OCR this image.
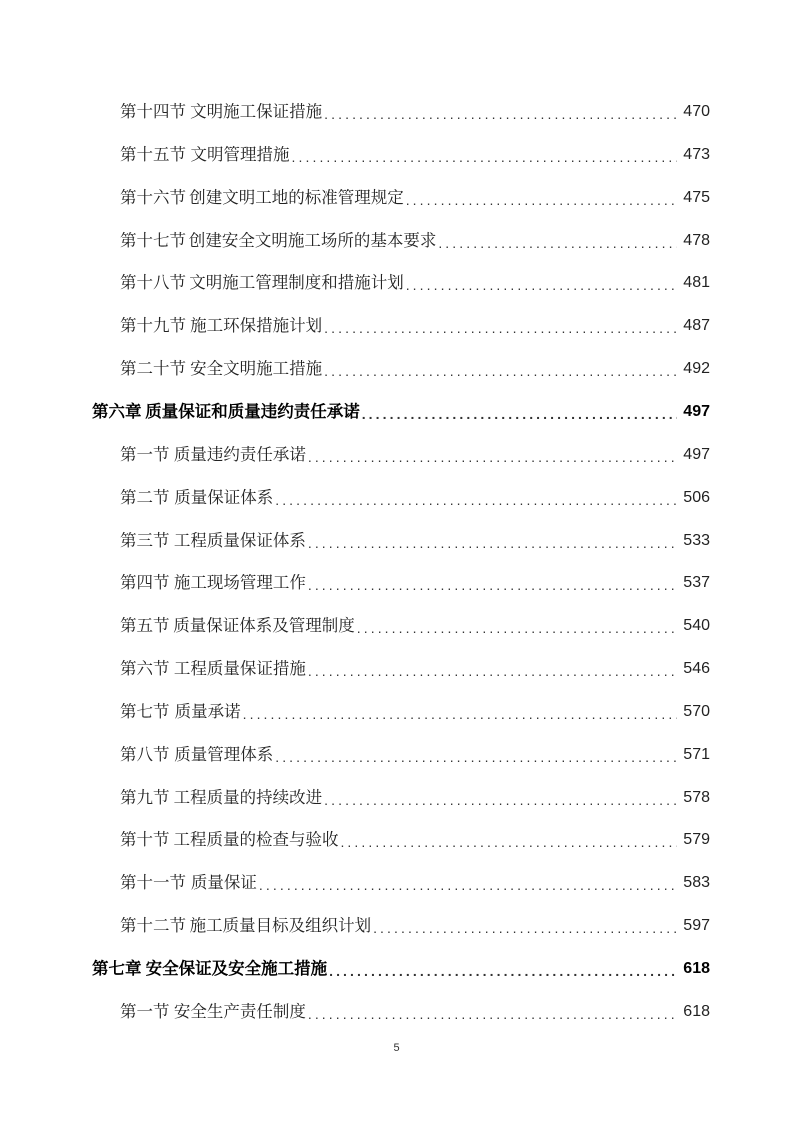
第十四节 文明施工保证措施 . . .	470
第十五节 文明管理措施 . . .	473
第十六节 创建文明工地的标准管理规定 . . .	475
第十七节 创建安全文明施工场所的基本要求 . . .	478
第十八节 文明施工管理制度和措施计划 . . .	481
第十九节 施工环保措施计划 . . .	487
第二十节 安全文明施工措施 . . .	492
第六章 质量保证和质量违约责任承诺 . . .	497
第一节 质量违约责任承诺 . . .	497
第二节 质量保证体系 . . .	506
第三节 工程质量保证体系 . . .	533
第四节 施工现场管理工作 . . .	537
第五节 质量保证体系及管理制度 . . .	540
第六节 工程质量保证措施 . . .	546
第七节 质量承诺 . . .	570
第八节 质量管理体系 . . .	571
第九节 工程质量的持续改进 . . .	578
第十节 工程质量的检查与验收 . . .	579
第十一节 质量保证 . . .	583
第十二节 施工质量目标及组织计划 . . .	597
第七章 安全保证及安全施工措施 . . .	618
第一节 安全生产责任制度 . . .	618
5
